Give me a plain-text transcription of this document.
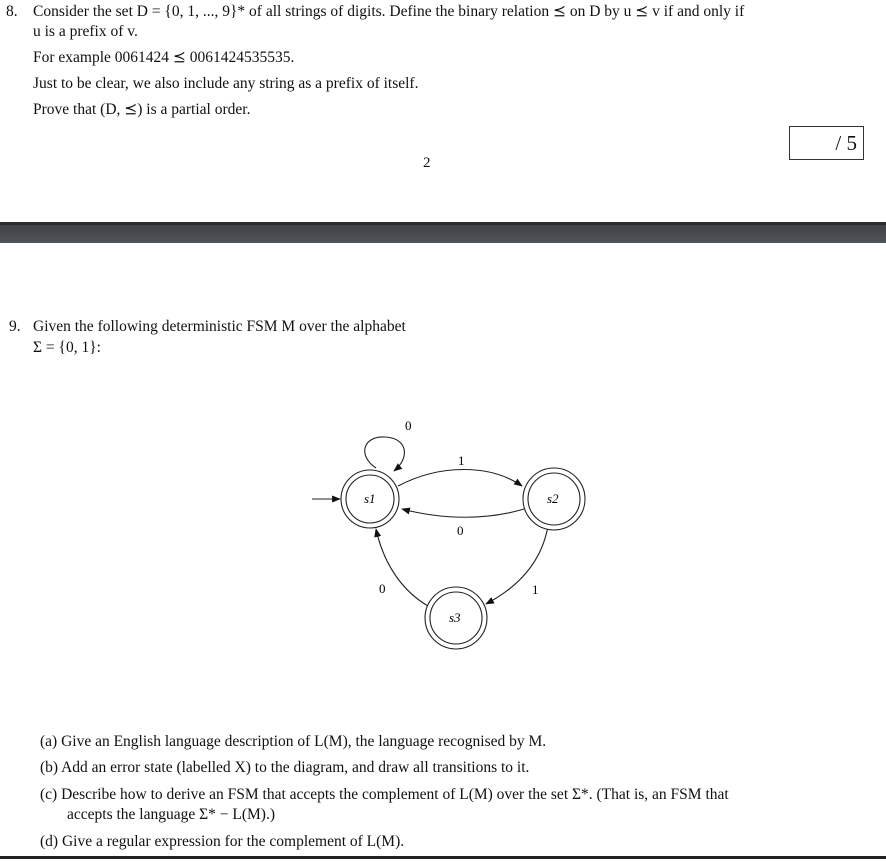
8. Consider the set D = {0, 1, ..., 9}* of all strings of digits. Define the binary relation ⪯ on D by u ⪯ v if and only if
u is a prefix of v.
For example 0061424 ⪯ 0061424535535.
Just to be clear, we also include any string as a prefix of itself.
Prove that (D, ⪯) is a partial order.
/ 5
2
9. Given the following deterministic FSM M over the alphabet
Σ = {0, 1}:
s1	s2
s3
0
1
0
1
0
(a) Give an English language description of L(M), the language recognised by M.
(b) Add an error state (labelled X) to the diagram, and draw all transitions to it.
(c) Describe how to derive an FSM that accepts the complement of L(M) over the set Σ*. (That is, an FSM that
accepts the language Σ* − L(M).)
(d) Give a regular expression for the complement of L(M).
